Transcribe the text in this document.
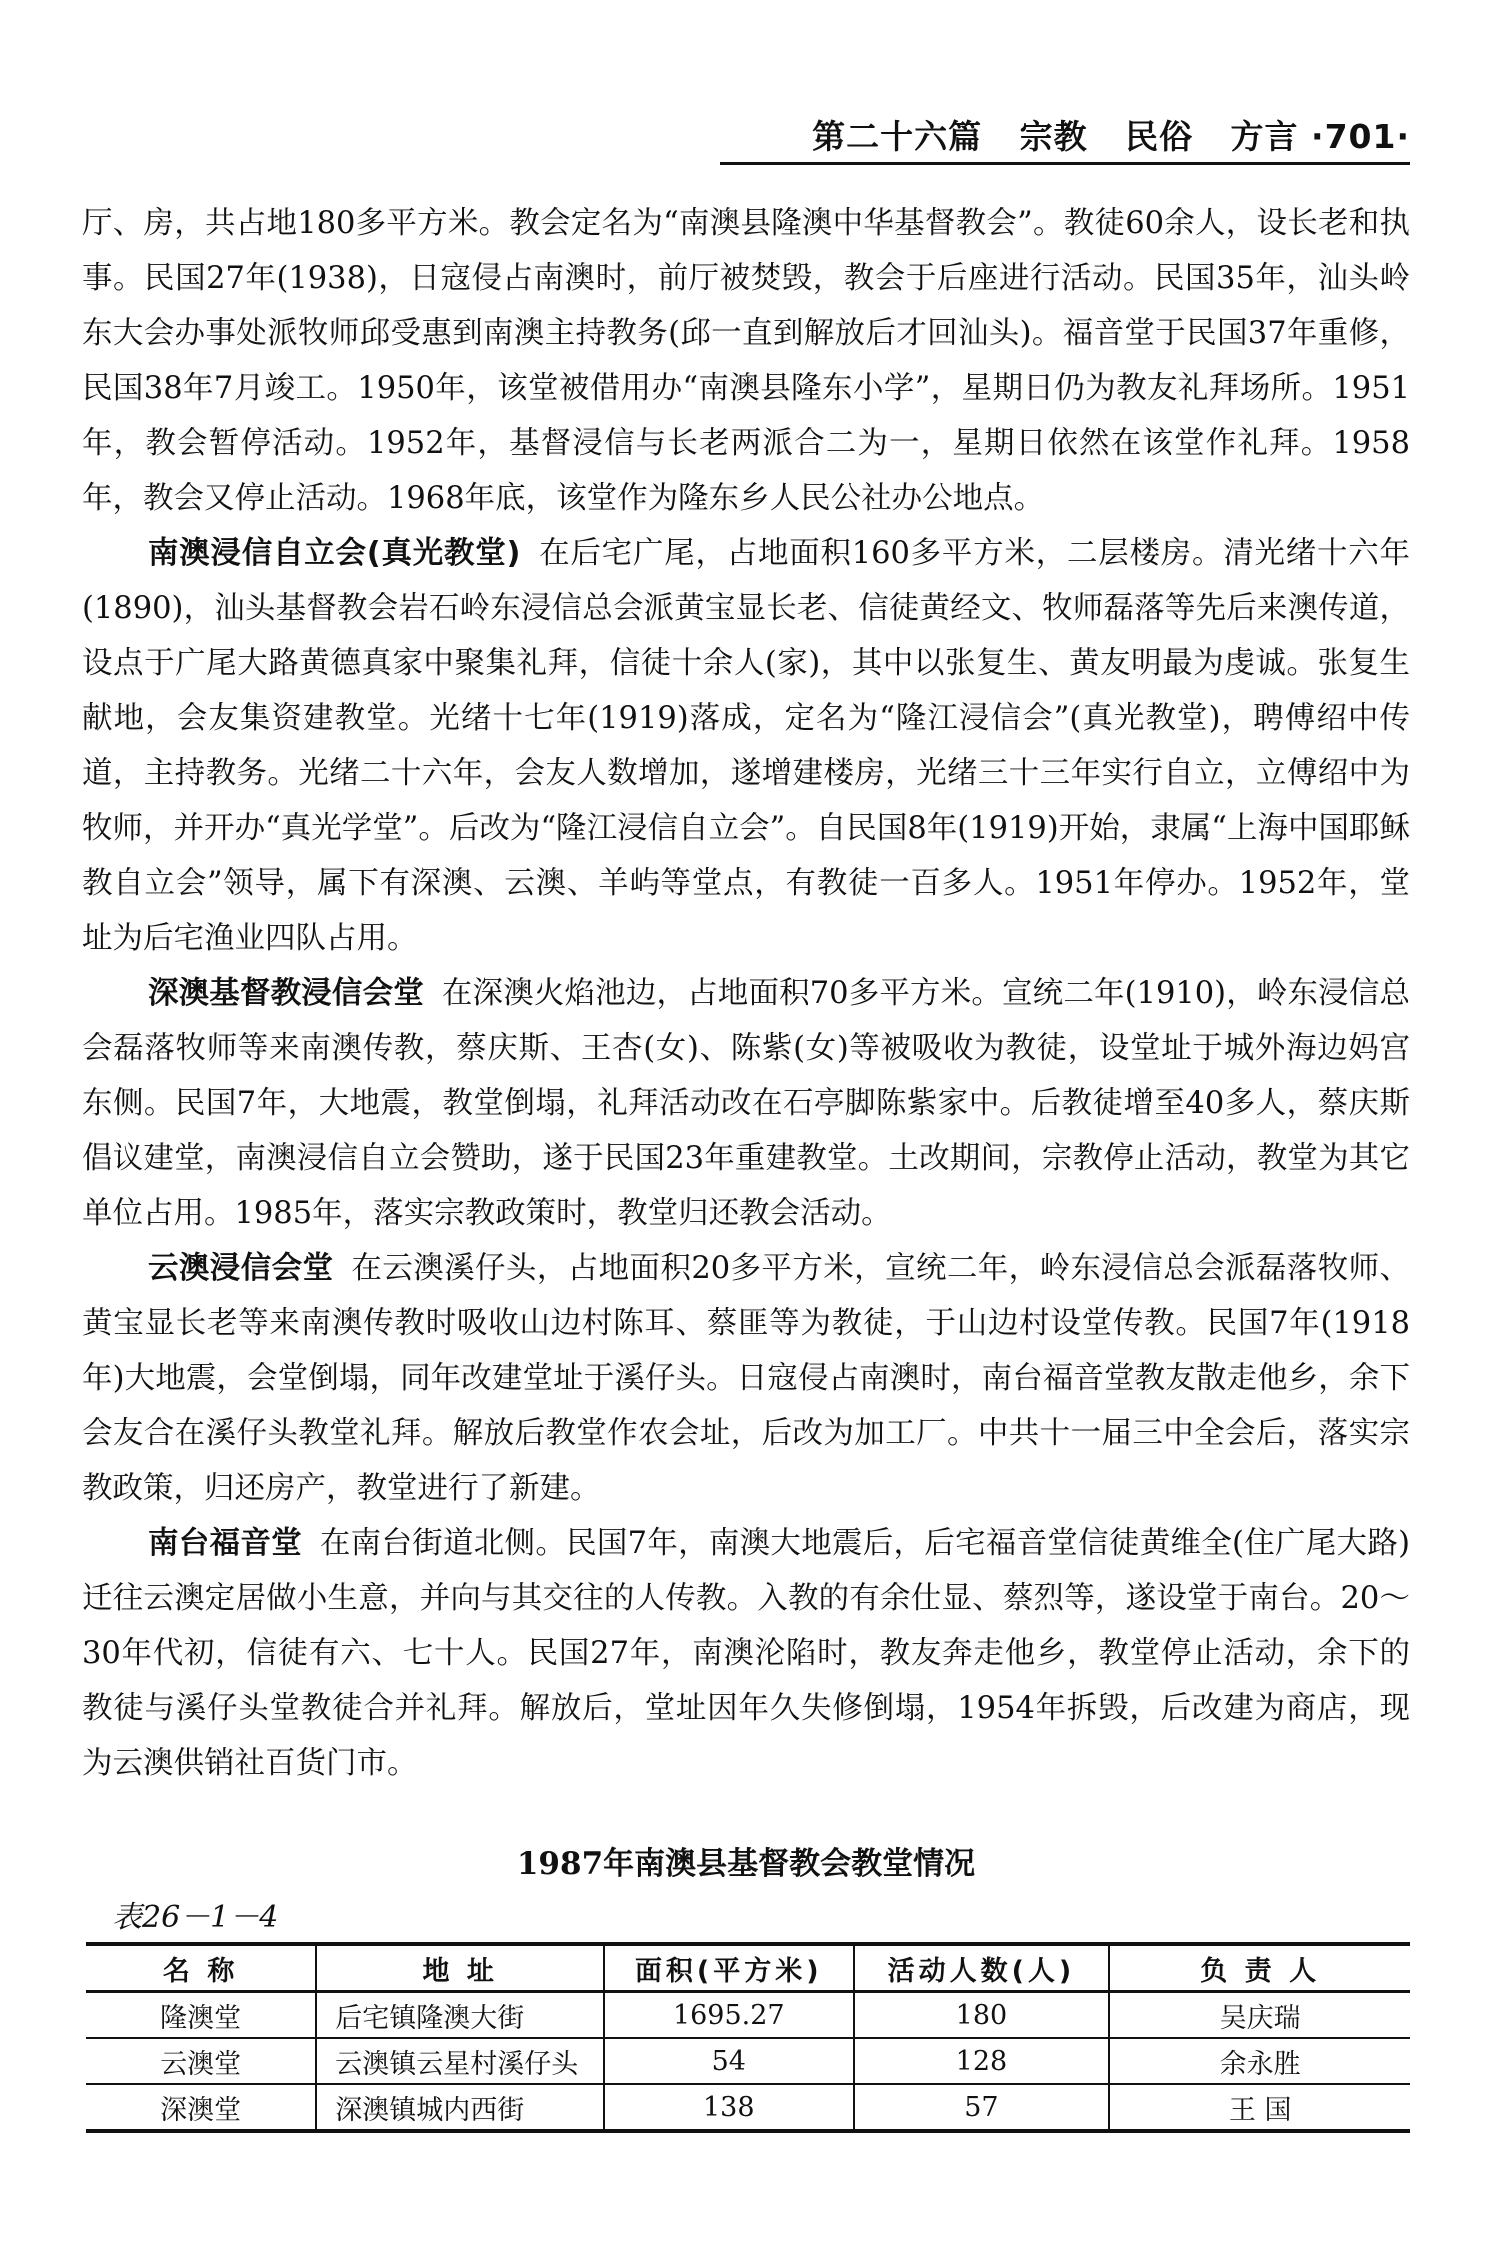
第二十六篇 宗教 民俗 方言 ·701·

厅、房，共占地180多平方米。教会定名为“南澳县隆澳中华基督教会”。教徒60余人，设长老和执事。民国27年(1938)，日寇侵占南澳时，前厅被焚毁，教会于后座进行活动。民国35年，汕头岭东大会办事处派牧师邱受惠到南澳主持教务(邱一直到解放后才回汕头)。福音堂于民国37年重修，民国38年7月竣工。1950年，该堂被借用办“南澳县隆东小学”，星期日仍为教友礼拜场所。1951年，教会暂停活动。1952年，基督浸信与长老两派合二为一，星期日依然在该堂作礼拜。1958年，教会又停止活动。1968年底，该堂作为隆东乡人民公社办公地点。

南澳浸信自立会(真光教堂) 在后宅广尾，占地面积160多平方米，二层楼房。清光绪十六年(1890)，汕头基督教会岩石岭东浸信总会派黄宝显长老、信徒黄经文、牧师磊落等先后来澳传道，设点于广尾大路黄德真家中聚集礼拜，信徒十余人(家)，其中以张复生、黄友明最为虔诚。张复生献地，会友集资建教堂。光绪十七年(1919)落成，定名为“隆江浸信会”(真光教堂)，聘傅绍中传道，主持教务。光绪二十六年，会友人数增加，遂增建楼房，光绪三十三年实行自立，立傅绍中为牧师，并开办“真光学堂”。后改为“隆江浸信自立会”。自民国8年(1919)开始，隶属“上海中国耶稣教自立会”领导，属下有深澳、云澳、羊屿等堂点，有教徒一百多人。1951年停办。1952年，堂址为后宅渔业四队占用。

深澳基督教浸信会堂 在深澳火焰池边，占地面积70多平方米。宣统二年(1910)，岭东浸信总会磊落牧师等来南澳传教，蔡庆斯、王杏(女)、陈紫(女)等被吸收为教徒，设堂址于城外海边妈宫东侧。民国7年，大地震，教堂倒塌，礼拜活动改在石亭脚陈紫家中。后教徒增至40多人，蔡庆斯倡议建堂，南澳浸信自立会赞助，遂于民国23年重建教堂。土改期间，宗教停止活动，教堂为其它单位占用。1985年，落实宗教政策时，教堂归还教会活动。

云澳浸信会堂 在云澳溪仔头，占地面积20多平方米，宣统二年，岭东浸信总会派磊落牧师、黄宝显长老等来南澳传教时吸收山边村陈耳、蔡匪等为教徒，于山边村设堂传教。民国7年(1918年)大地震，会堂倒塌，同年改建堂址于溪仔头。日寇侵占南澳时，南台福音堂教友散走他乡，余下会友合在溪仔头教堂礼拜。解放后教堂作农会址，后改为加工厂。中共十一届三中全会后，落实宗教政策，归还房产，教堂进行了新建。

南台福音堂 在南台街道北侧。民国7年，南澳大地震后，后宅福音堂信徒黄维全(住广尾大路)迁往云澳定居做小生意，并向与其交往的人传教。入教的有余仕显、蔡烈等，遂设堂于南台。20～30年代初，信徒有六、七十人。民国27年，南澳沦陷时，教友奔走他乡，教堂停止活动，余下的教徒与溪仔头堂教徒合并礼拜。解放后，堂址因年久失修倒塌，1954年拆毁，后改建为商店，现为云澳供销社百货门市。

1987年南澳县基督教会教堂情况
表26－1－4
名 称	地 址	面积(平方米)	活动人数(人)	负 责 人
隆澳堂	后宅镇隆澳大街	1695.27	180	吴庆瑞
云澳堂	云澳镇云星村溪仔头	54	128	余永胜
深澳堂	深澳镇城内西街	138	57	王 国
